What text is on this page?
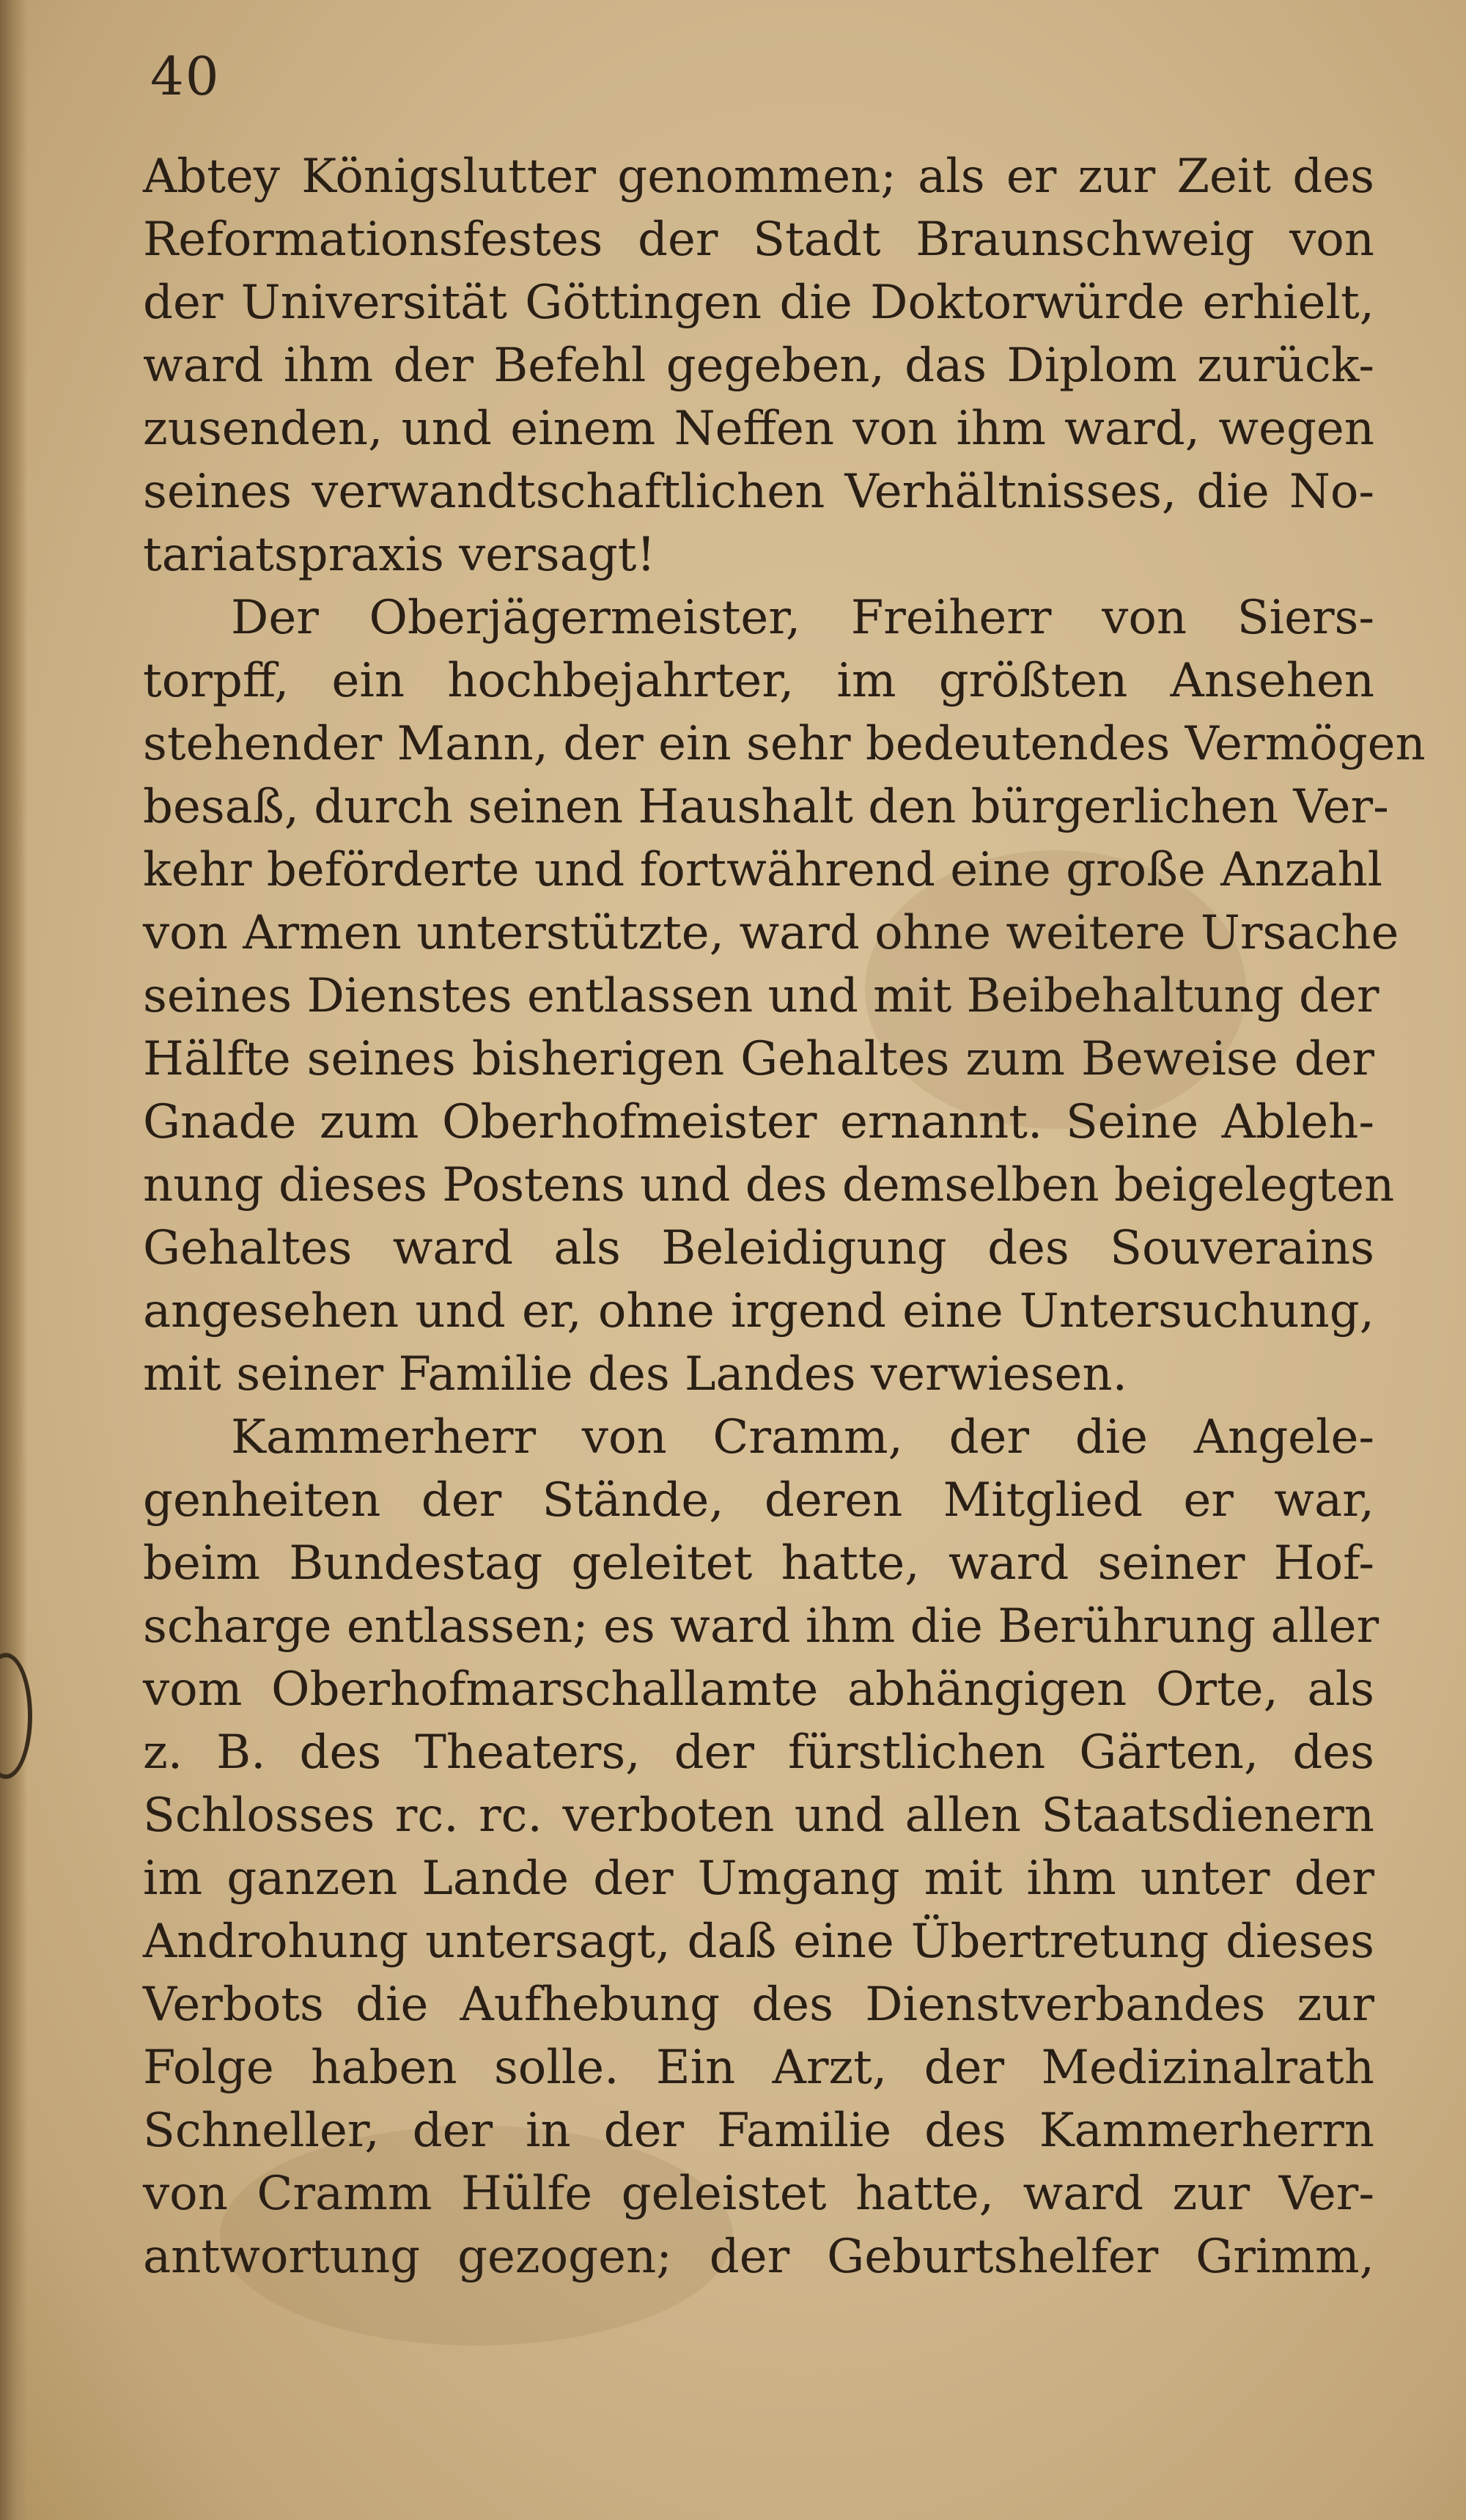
40
Abtey Königslutter genommen; als er zur Zeit des
Reformationsfestes der Stadt Braunschweig von
der Universität Göttingen die Doktorwürde erhielt,
ward ihm der Befehl gegeben, das Diplom zurück-
zusenden, und einem Neffen von ihm ward, wegen
seines verwandtschaftlichen Verhältnisses, die No-
tariatspraxis versagt!
Der Oberjägermeister, Freiherr von Siers-
torpff, ein hochbejahrter, im größten Ansehen
stehender Mann, der ein sehr bedeutendes Vermögen
besaß, durch seinen Haushalt den bürgerlichen Ver-
kehr beförderte und fortwährend eine große Anzahl
von Armen unterstützte, ward ohne weitere Ursache
seines Dienstes entlassen und mit Beibehaltung der
Hälfte seines bisherigen Gehaltes zum Beweise der
Gnade zum Oberhofmeister ernannt. Seine Ableh-
nung dieses Postens und des demselben beigelegten
Gehaltes ward als Beleidigung des Souverains
angesehen und er, ohne irgend eine Untersuchung,
mit seiner Familie des Landes verwiesen.
Kammerherr von Cramm, der die Angele-
genheiten der Stände, deren Mitglied er war,
beim Bundestag geleitet hatte, ward seiner Hof-
scharge entlassen; es ward ihm die Berührung aller
vom Oberhofmarschallamte abhängigen Orte, als
z. B. des Theaters, der fürstlichen Gärten, des
Schlosses rc. rc. verboten und allen Staatsdienern
im ganzen Lande der Umgang mit ihm unter der
Androhung untersagt, daß eine Übertretung dieses
Verbots die Aufhebung des Dienstverbandes zur
Folge haben solle. Ein Arzt, der Medizinalrath
Schneller, der in der Familie des Kammerherrn
von Cramm Hülfe geleistet hatte, ward zur Ver-
antwortung gezogen; der Geburtshelfer Grimm,
